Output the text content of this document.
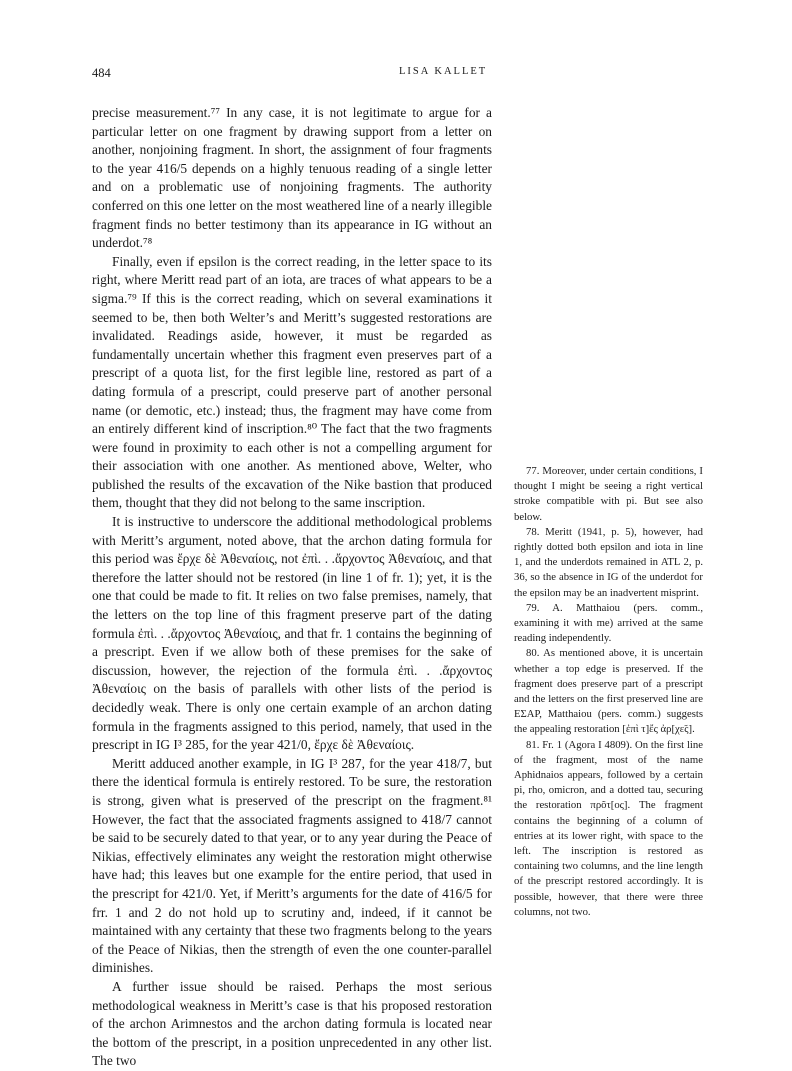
484	LISA KALLET

precise measurement.⁷⁷ In any case, it is not legitimate to argue for a particular letter on one fragment by drawing support from a letter on another, nonjoining fragment. In short, the assignment of four fragments to the year 416/5 depends on a highly tenuous reading of a single letter and on a problematic use of nonjoining fragments. The authority conferred on this one letter on the most weathered line of a nearly illegible fragment finds no better testimony than its appearance in IG without an underdot.⁷⁸

Finally, even if epsilon is the correct reading, in the letter space to its right, where Meritt read part of an iota, are traces of what appears to be a sigma.⁷⁹ If this is the correct reading, which on several examinations it seemed to be, then both Welter’s and Meritt’s suggested restorations are invalidated. Readings aside, however, it must be regarded as fundamentally uncertain whether this fragment even preserves part of a prescript of a quota list, for the first legible line, restored as part of a dating formula of a prescript, could preserve part of another personal name (or demotic, etc.) instead; thus, the fragment may have come from an entirely different kind of inscription.⁸⁰ The fact that the two fragments were found in proximity to each other is not a compelling argument for their association with one another. As mentioned above, Welter, who published the results of the excavation of the Nike bastion that produced them, thought that they did not belong to the same inscription.

It is instructive to underscore the additional methodological problems with Meritt’s argument, noted above, that the archon dating formula for this period was ἔρχε δὲ Ἀθεναίοις, not ἐπὶ. . .ἄρχοντος Ἀθεναίοις, and that therefore the latter should not be restored (in line 1 of fr. 1); yet, it is the one that could be made to fit. It relies on two false premises, namely, that the letters on the top line of this fragment preserve part of the dating formula ἐπὶ. . .ἄρχοντος Ἀθεναίοις, and that fr. 1 contains the beginning of a prescript. Even if we allow both of these premises for the sake of discussion, however, the rejection of the formula ἐπὶ. . .ἄρχοντος Ἀθεναίοις on the basis of parallels with other lists of the period is decidedly weak. There is only one certain example of an archon dating formula in the fragments assigned to this period, namely, that used in the prescript in IG I³ 285, for the year 421/0, ἔρχε δὲ Ἀθεναίοις.

Meritt adduced another example, in IG I³ 287, for the year 418/7, but there the identical formula is entirely restored. To be sure, the restoration is strong, given what is preserved of the prescript on the fragment.⁸¹ However, the fact that the associated fragments assigned to 418/7 cannot be said to be securely dated to that year, or to any year during the Peace of Nikias, effectively eliminates any weight the restoration might otherwise have had; this leaves but one example for the entire period, that used in the prescript for 421/0. Yet, if Meritt’s arguments for the date of 416/5 for frr. 1 and 2 do not hold up to scrutiny and, indeed, if it cannot be maintained with any certainty that these two fragments belong to the years of the Peace of Nikias, then the strength of even the one counter-parallel diminishes.

A further issue should be raised. Perhaps the most serious methodological weakness in Meritt’s case is that his proposed restoration of the archon Arimnestos and the archon dating formula is located near the bottom of the prescript, in a position unprecedented in any other list. The two

77. Moreover, under certain conditions, I thought I might be seeing a right vertical stroke compatible with pi. But see also below.

78. Meritt (1941, p. 5), however, had rightly dotted both epsilon and iota in line 1, and the underdots remained in ATL 2, p. 36, so the absence in IG of the underdot for the epsilon may be an inadvertent misprint.

79. A. Matthaiou (pers. comm., examining it with me) arrived at the same reading independently.

80. As mentioned above, it is uncertain whether a top edge is preserved. If the fragment does preserve part of a prescript and the letters on the first preserved line are ΕΣΑΡ, Matthaiou (pers. comm.) suggests the appealing restoration [ἐπὶ τ]ἔς ἀρ[χε̃ς].

81. Fr. 1 (Agora I 4809). On the first line of the fragment, most of the name Aphidnaios appears, followed by a certain pi, rho, omicron, and a dotted tau, securing the restoration πρõτ[ος]. The fragment contains the beginning of a column of entries at its lower right, with space to the left. The inscription is restored as containing two columns, and the line length of the prescript restored accordingly. It is possible, however, that there were three columns, not two.
